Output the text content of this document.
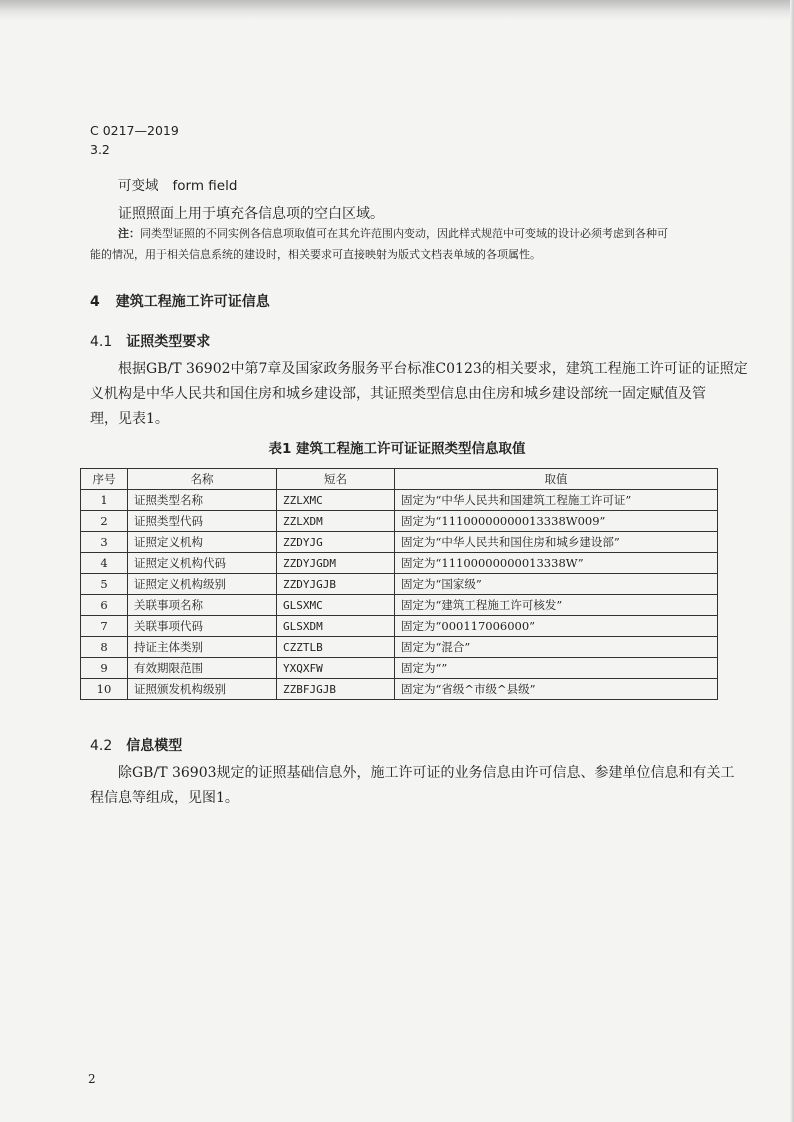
C 0217—2019
3.2
可变域 form field
证照照面上用于填充各信息项的空白区域。
注：同类型证照的不同实例各信息项取值可在其允许范围内变动，因此样式规范中可变域的设计必须考虑到各种可
能的情况，用于相关信息系统的建设时，相关要求可直接映射为版式文档表单域的各项属性。
4 建筑工程施工许可证信息
4.1 证照类型要求
根据GB/T 36902中第7章及国家政务服务平台标准C0123的相关要求，建筑工程施工许可证的证照定
义机构是中华人民共和国住房和城乡建设部，其证照类型信息由住房和城乡建设部统一固定赋值及管
理，见表1。
表1 建筑工程施工许可证证照类型信息取值
序号	名称	短名	取值
1	证照类型名称	ZZLXMC	固定为“中华人民共和国建筑工程施工许可证”
2	证照类型代码	ZZLXDM	固定为“11100000000013338W009”
3	证照定义机构	ZZDYJG	固定为“中华人民共和国住房和城乡建设部”
4	证照定义机构代码	ZZDYJGDM	固定为“11100000000013338W”
5	证照定义机构级别	ZZDYJGJB	固定为“国家级”
6	关联事项名称	GLSXMC	固定为“建筑工程施工许可核发”
7	关联事项代码	GLSXDM	固定为“000117006000”
8	持证主体类别	CZZTLB	固定为“混合”
9	有效期限范围	YXQXFW	固定为“”
10	证照颁发机构级别	ZZBFJGJB	固定为“省级^市级^县级”
4.2 信息模型
除GB/T 36903规定的证照基础信息外，施工许可证的业务信息由许可信息、参建单位信息和有关工
程信息等组成，见图1。
2
